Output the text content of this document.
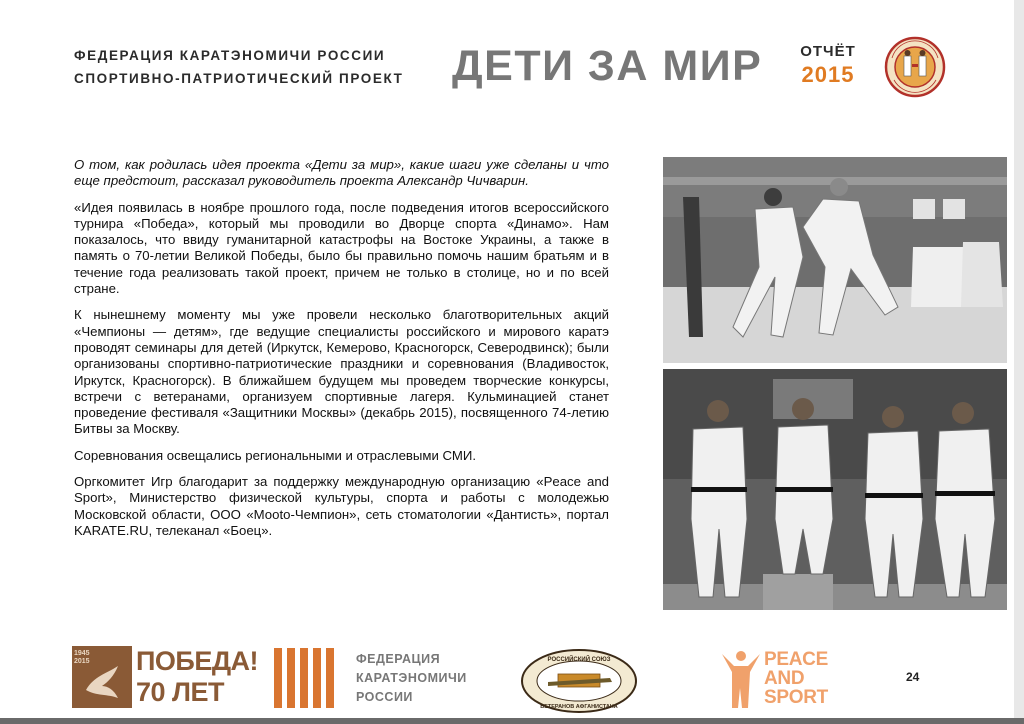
ФЕДЕРАЦИЯ КАРАТЭНОМИЧИ РОССИИ
СПОРТИВНО-ПАТРИОТИЧЕСКИЙ ПРОЕКТ ДЕТИ ЗА МИР	ОТЧЁТ
2015

О том, как родилась идея проекта «Дети за мир», какие шаги уже сделаны и что еще предстоит, рассказал руководитель проекта Александр Чичварин.

«Идея появилась в ноябре прошлого года, после подведения итогов всероссийского турнира «Победа», который мы проводили во Дворце спорта «Динамо». Нам показалось, что ввиду гуманитарной катастрофы на Востоке Украины, а также в память о 70-летии Великой Победы, было бы правильно помочь нашим братьям и в течение года реализовать такой проект, причем не только в столице, но и по всей стране.

К нынешнему моменту мы уже провели несколько благотворительных акций «Чемпионы — детям», где ведущие специалисты российского и мирового каратэ проводят семинары для детей (Иркутск, Кемерово, Красногорск, Северодвинск); были организованы спортивно-патриотические праздники и соревнования (Владивосток, Иркутск, Красногорск). В ближайшем будущем мы проведем творческие конкурсы, встречи с ветеранами, организуем спортивные лагеря. Кульминацией станет проведение фестиваля «Защитники Москвы» (декабрь 2015), посвященного 74-летию Битвы за Москву.

Соревнования освещались региональными и отраслевыми СМИ.

Оргкомитет Игр благодарит за поддержку международную организацию «Peace and Sport», Министерство физической культуры, спорта и работы с молодежью Московской области, ООО «Мооto-Чемпион», сеть стоматологии «Дантисть», портал KARATE.RU, телеканал «Боец».

1945
2015 ПОБЕДА!
70 ЛЕТ
ФЕДЕРАЦИЯ
КАРАТЭНОМИЧИ
РОССИИ
РОССИЙСКИЙ СОЮЗ
ВЕТЕРАНОВ АФГАНИСТАНА
PEACE
AND
SPORT
24
